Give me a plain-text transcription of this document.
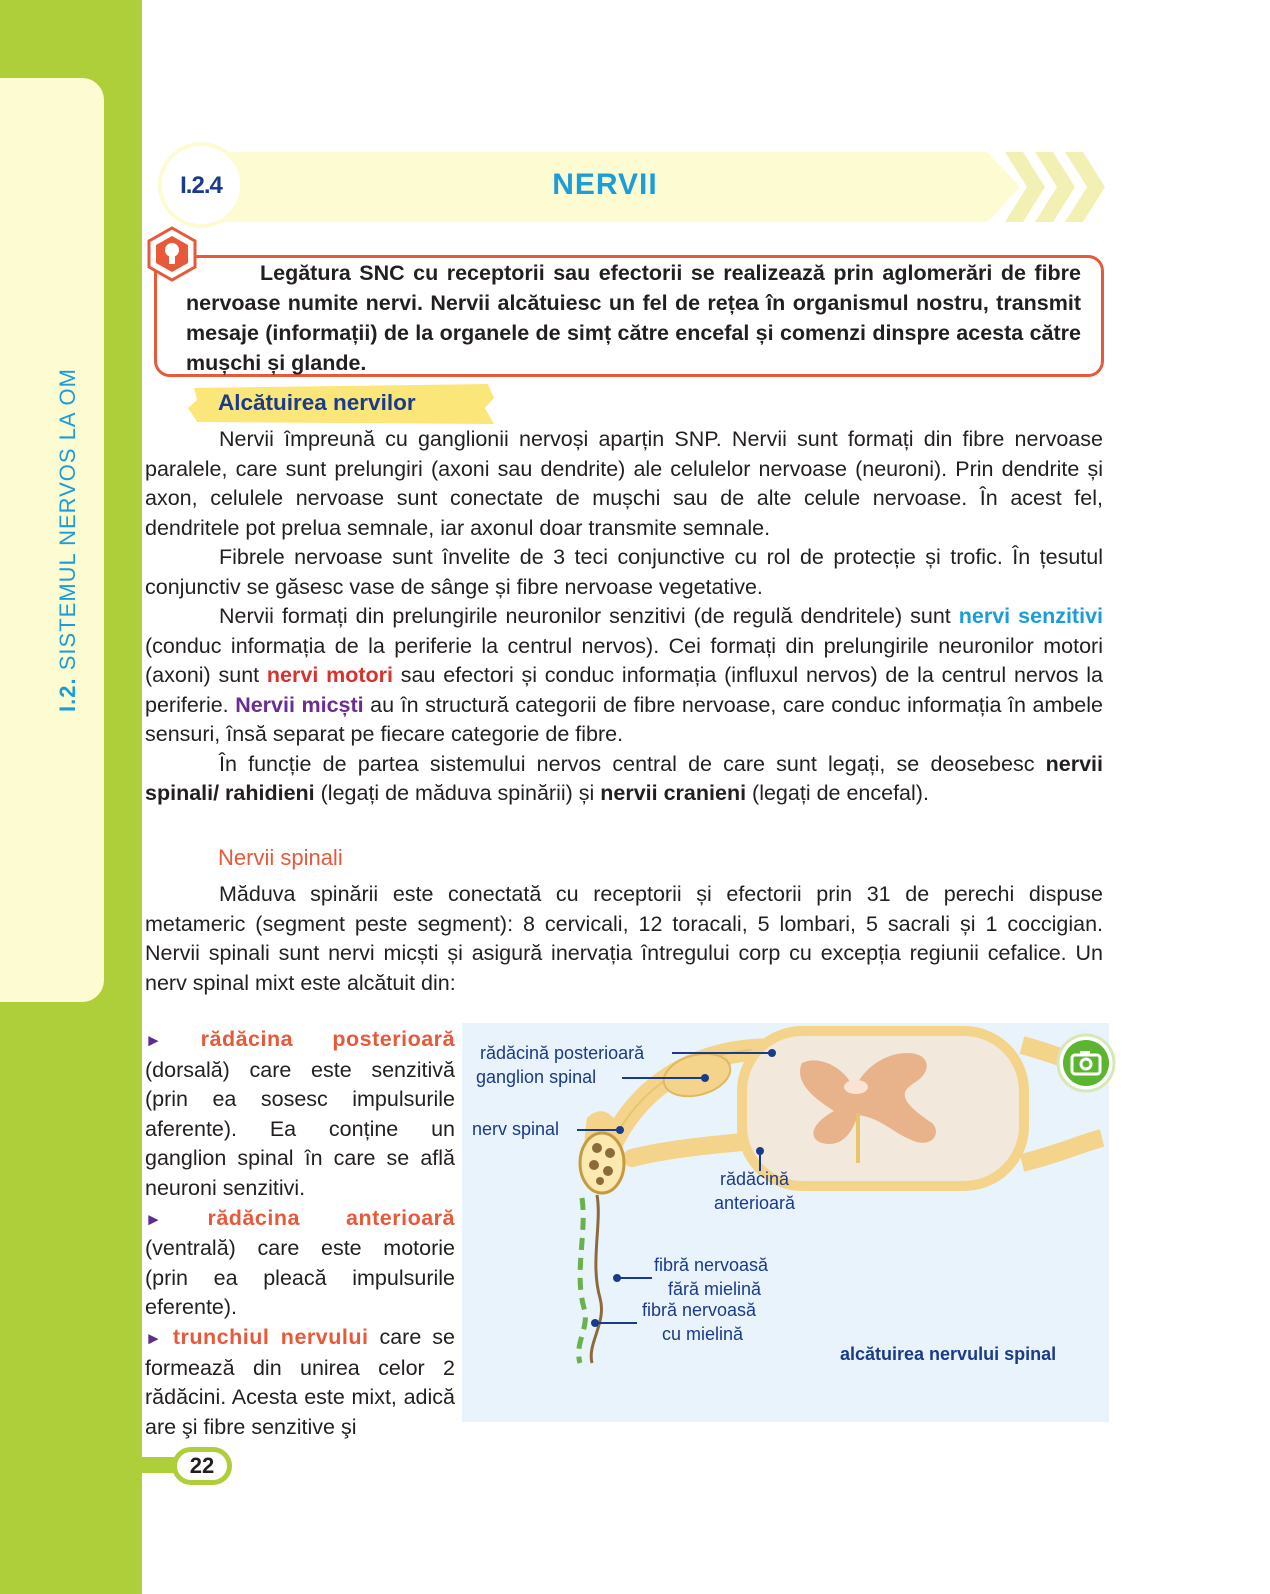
I.2. SISTEMUL NERVOS LA OM
22
I.2.4	NERVII
Legătura SNC cu receptorii sau efectorii se realizează prin aglomerări de fibre nervoase numite nervi. Nervii alcătuiesc un fel de rețea în organismul nostru, transmit mesaje (informații) de la organele de simț către encefal și comenzi dinspre acesta către mușchi și glande.
Alcătuirea nervilor

Nervii împreună cu ganglionii nervoși aparțin SNP. Nervii sunt formați din fibre nervoase paralele, care sunt prelungiri (axoni sau dendrite) ale celulelor nervoase (neuroni). Prin dendrite și axon, celulele nervoase sunt conectate de mușchi sau de alte celule nervoase. În acest fel, dendritele pot prelua semnale, iar axonul doar transmite semnale.

Fibrele nervoase sunt învelite de 3 teci conjunctive cu rol de protecție și trofic. În țesutul conjunctiv se găsesc vase de sânge și fibre nervoase vegetative.

Nervii formați din prelungirile neuronilor senzitivi (de regulă dendritele) sunt nervi senzitivi (conduc informația de la periferie la centrul nervos). Cei formați din prelungirile neuronilor motori (axoni) sunt nervi motori sau efectori și conduc informația (influxul nervos) de la centrul nervos la periferie. Nervii micști au în structură categorii de fibre nervoase, care conduc informația în ambele sensuri, însă separat pe fiecare categorie de fibre.

În funcție de partea sistemului nervos central de care sunt legați, se deosebesc nervii spinali/ rahidieni (legați de măduva spinării) și nervii cranieni (legați de encefal).

Nervii spinali

Măduva spinării este conectată cu receptorii și efectorii prin 31 de perechi dispuse metameric (segment peste segment): 8 cervicali, 12 toracali, 5 lombari, 5 sacrali și 1 coccigian. Nervii spinali sunt nervi micști și asigură inervația întregului corp cu excepția regiunii cefalice. Un nerv spinal mixt este alcătuit din:

► rădăcina posterioară (dorsală) care este senzitivă (prin ea sosesc impulsurile aferente). Ea conține un ganglion spinal în care se află neuroni senzitivi.
► rădăcina anterioară (ventrală) care este motorie (prin ea pleacă impulsurile eferente).
► trunchiul nervului care se formează din unirea celor 2 rădăcini. Acesta este mixt, adică are şi fibre senzitive şi
rădăcină posterioară
ganglion spinal
nerv spinal
rădăcină
anterioară
fibră nervoasă
fără mielină
fibră nervoasă
cu mielină
alcătuirea nervului spinal
